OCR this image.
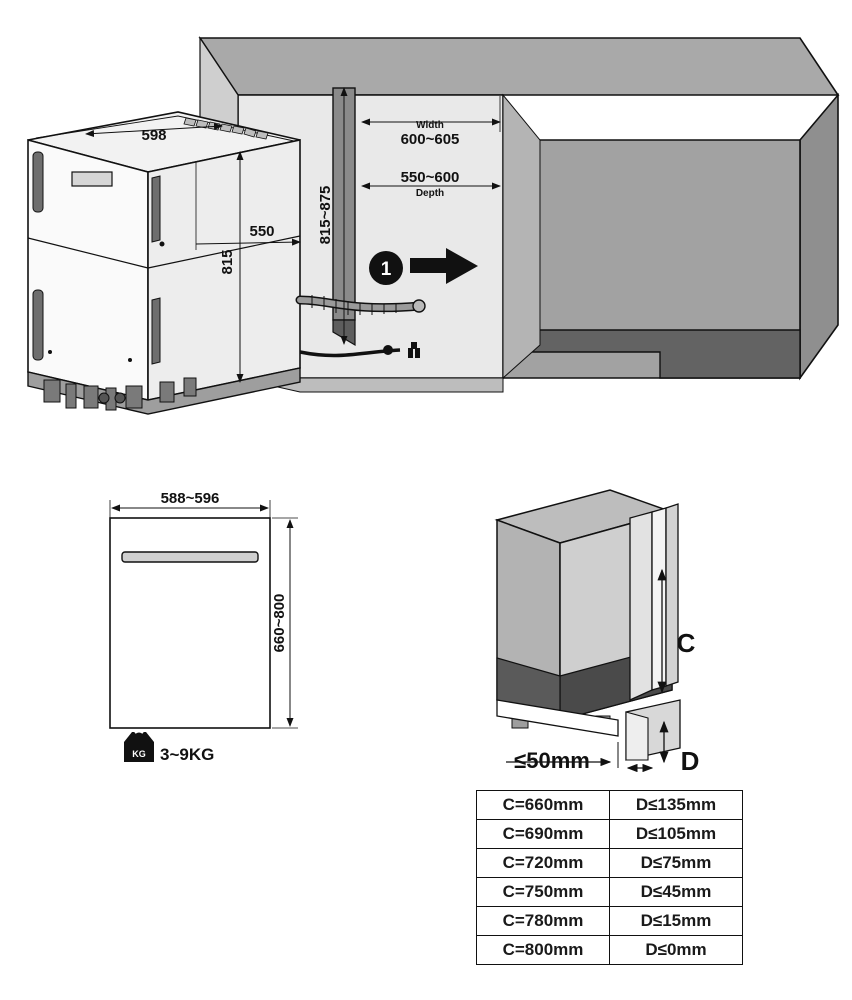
1
598
550
815
815~875
Width
600~605
550~600
Depth
588~596
660~800
KG
C
D
≤50mm
3~9KG
C=660mm	D≤135mm
C=690mm	D≤105mm
C=720mm	D≤75mm
C=750mm	D≤45mm
C=780mm	D≤15mm
C=800mm	D≤0mm
